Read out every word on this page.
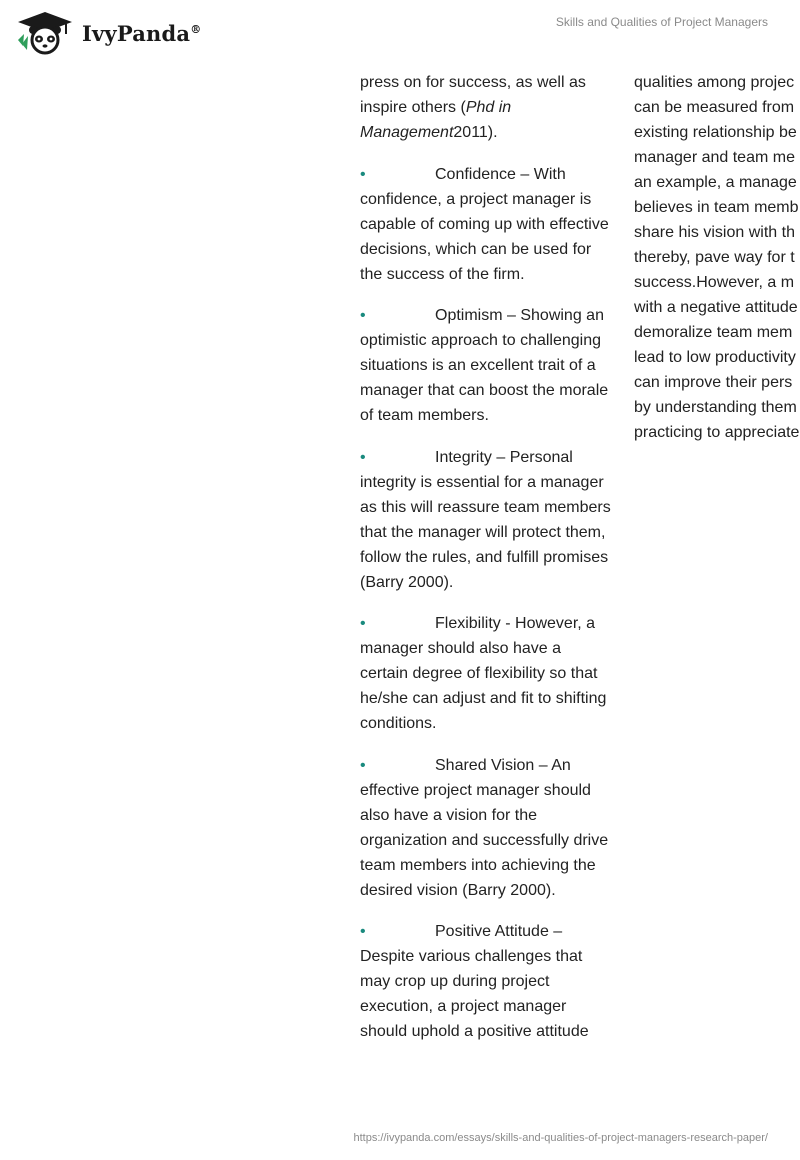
IvyPanda®	Skills and Qualities of Project Managers

press on for success, as well as inspire others (Phd in Management2011).

•	Confidence – With confidence, a project manager is capable of coming up with effective decisions, which can be used for the success of the firm.
•	Optimism – Showing an optimistic approach to challenging situations is an excellent trait of a manager that can boost the morale of team members.
•	Integrity – Personal integrity is essential for a manager as this will reassure team members that the manager will protect them, follow the rules, and fulfill promises (Barry 2000).
•	Flexibility - However, a manager should also have a certain degree of flexibility so that he/she can adjust and fit to shifting conditions.
•	Shared Vision – An effective project manager should also have a vision for the organization and successfully drive team members into achieving the desired vision (Barry 2000).
•	Positive Attitude – Despite various challenges that may crop up during project execution, a project manager should uphold a positive attitude

qualities among projec

can be measured from

existing relationship be

manager and team me

an example, a manage

believes in team memb

share his vision with th

thereby, pave way for t

success.However, a m

with a negative attitude

demoralize team mem

lead to low productivity

can improve their pers

by understanding them

practicing to appreciate

https://ivypanda.com/essays/skills-and-qualities-of-project-managers-research-paper/
